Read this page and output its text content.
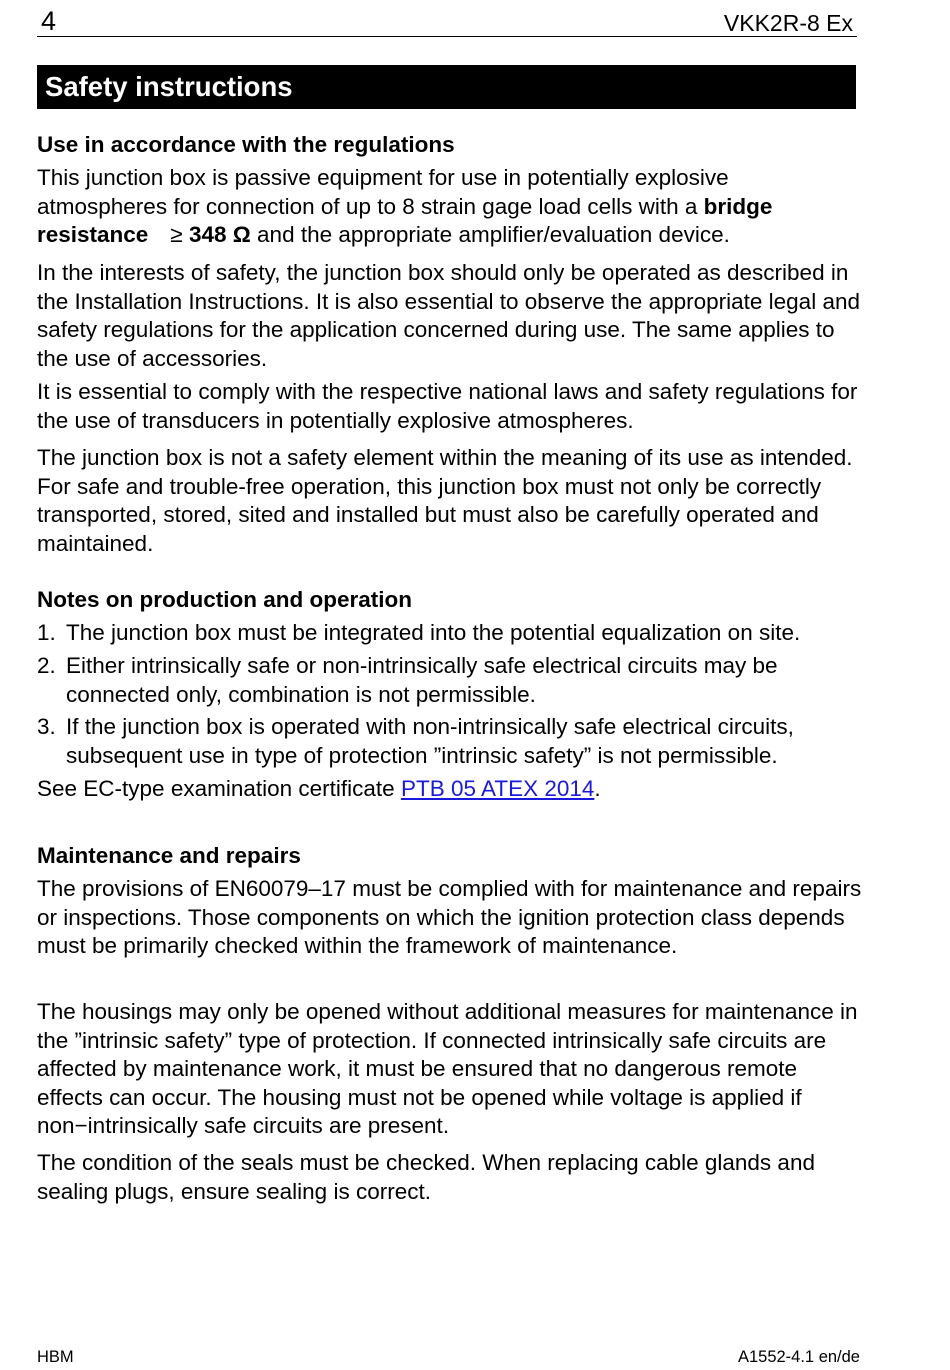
4	VKK2R-8 Ex
Safety instructions
Use in accordance with the regulations

This junction box is passive equipment for use in potentially explosive
atmospheres for connection of up to 8 strain gage load cells with a bridge
resistance ≥ 348 Ω and the appropriate amplifier/evaluation device.

In the interests of safety, the junction box should only be operated as described in the Installation Instructions. It is also essential to observe the appropriate legal and safety regulations for the application concerned during use. The same applies to the use of accessories.

It is essential to comply with the respective national laws and safety regulations for the use of transducers in potentially explosive atmospheres.

The junction box is not a safety element within the meaning of its use as intended. For safe and trouble-free operation, this junction box must not only be correctly transported, stored, sited and installed but must also be carefully operated and maintained.

Notes on production and operation
1. The junction box must be integrated into the potential equalization on site.
2. Either intrinsically safe or non-intrinsically safe electrical circuits may be connected only, combination is not permissible.
3. If the junction box is operated with non-intrinsically safe electrical circuits, subsequent use in type of protection ”intrinsic safety” is not permissible.

See EC-type examination certificate PTB 05 ATEX 2014.

Maintenance and repairs

The provisions of EN60079–17 must be complied with for maintenance and repairs or inspections. Those components on which the ignition protection class depends must be primarily checked within the framework of maintenance.

The housings may only be opened without additional measures for maintenance in the ”intrinsic safety” type of protection. If connected intrinsically safe circuits are affected by maintenance work, it must be ensured that no dangerous remote effects can occur. The housing must not be opened while voltage is applied if non−intrinsically safe circuits are present.

The condition of the seals must be checked. When replacing cable glands and sealing plugs, ensure sealing is correct.

HBM	A1552-4.1 en/de
